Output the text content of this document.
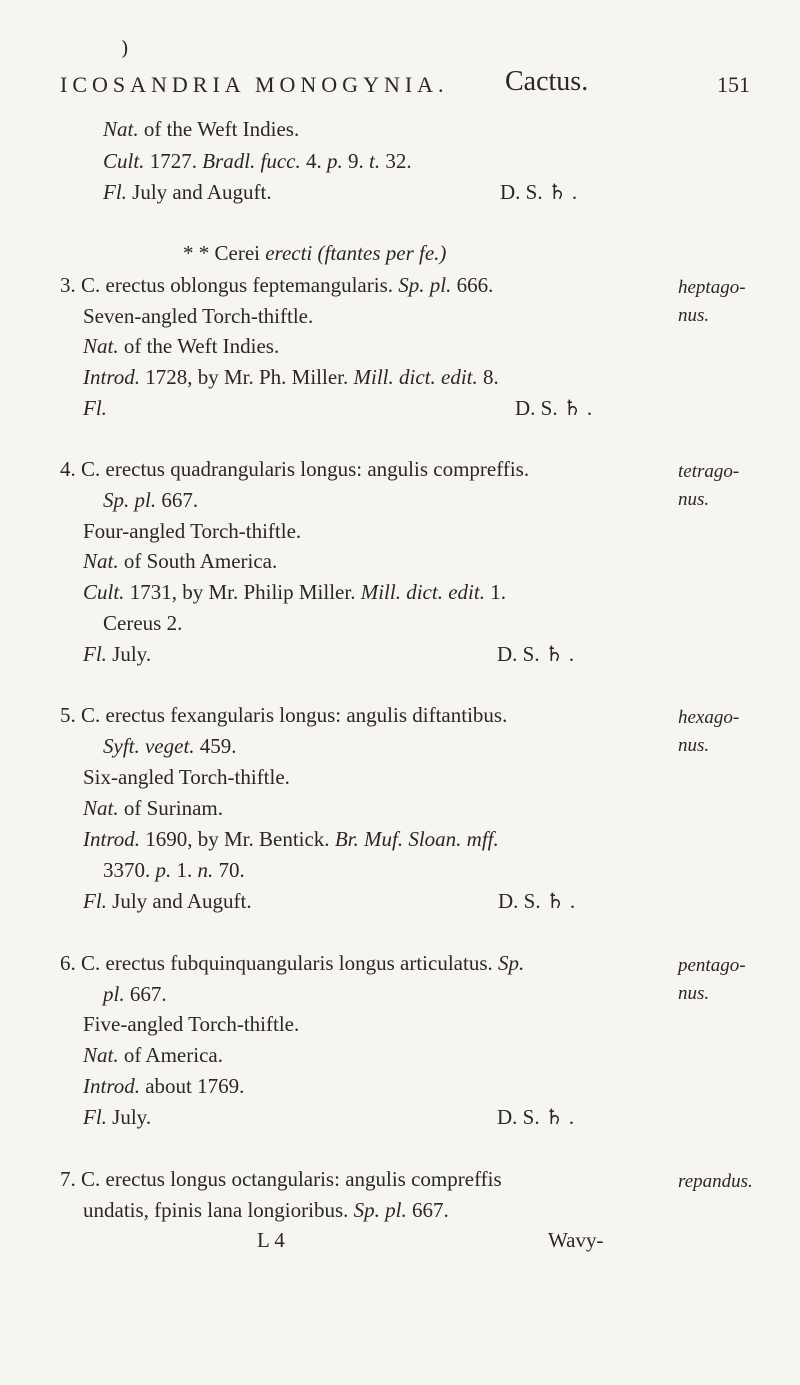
ICOSANDRIA MONOGYNIA. Cactus.	151
)
Nat. of the Weft Indies.
Cult. 1727. Bradl. fucc. 4. p. 9. t. 32.
Fl. July and Auguft.	D. S. ♄ .
* * Cerei erecti (ftantes per fe.)
3. C. erectus oblongus feptemangularis. Sp. pl. 666.
Seven-angled Torch-thiftle.
Nat. of the Weft Indies.
Introd. 1728, by Mr. Ph. Miller. Mill. dict. edit. 8.
Fl.	D. S. ♄ .
heptago-
nus.
4. C. erectus quadrangularis longus: angulis compreffis.
Sp. pl. 667.
Four-angled Torch-thiftle.
Nat. of South America.
Cult. 1731, by Mr. Philip Miller. Mill. dict. edit. 1.
Cereus 2.
Fl. July.	D. S. ♄ .
tetrago-
nus.
5. C. erectus fexangularis longus: angulis diftantibus.
Syft. veget. 459.
Six-angled Torch-thiftle.
Nat. of Surinam.
Introd. 1690, by Mr. Bentick. Br. Muf. Sloan. mff.
3370. p. 1. n. 70.
Fl. July and Auguft.	D. S. ♄ .
hexago-
nus.
6. C. erectus fubquinquangularis longus articulatus. Sp.
pl. 667.
Five-angled Torch-thiftle.
Nat. of America.
Introd. about 1769.
Fl. July.	D. S. ♄ .
pentago-
nus.
7. C. erectus longus octangularis: angulis compreffis
undatis, fpinis lana longioribus. Sp. pl. 667.
repandus.
L 4	Wavy-
